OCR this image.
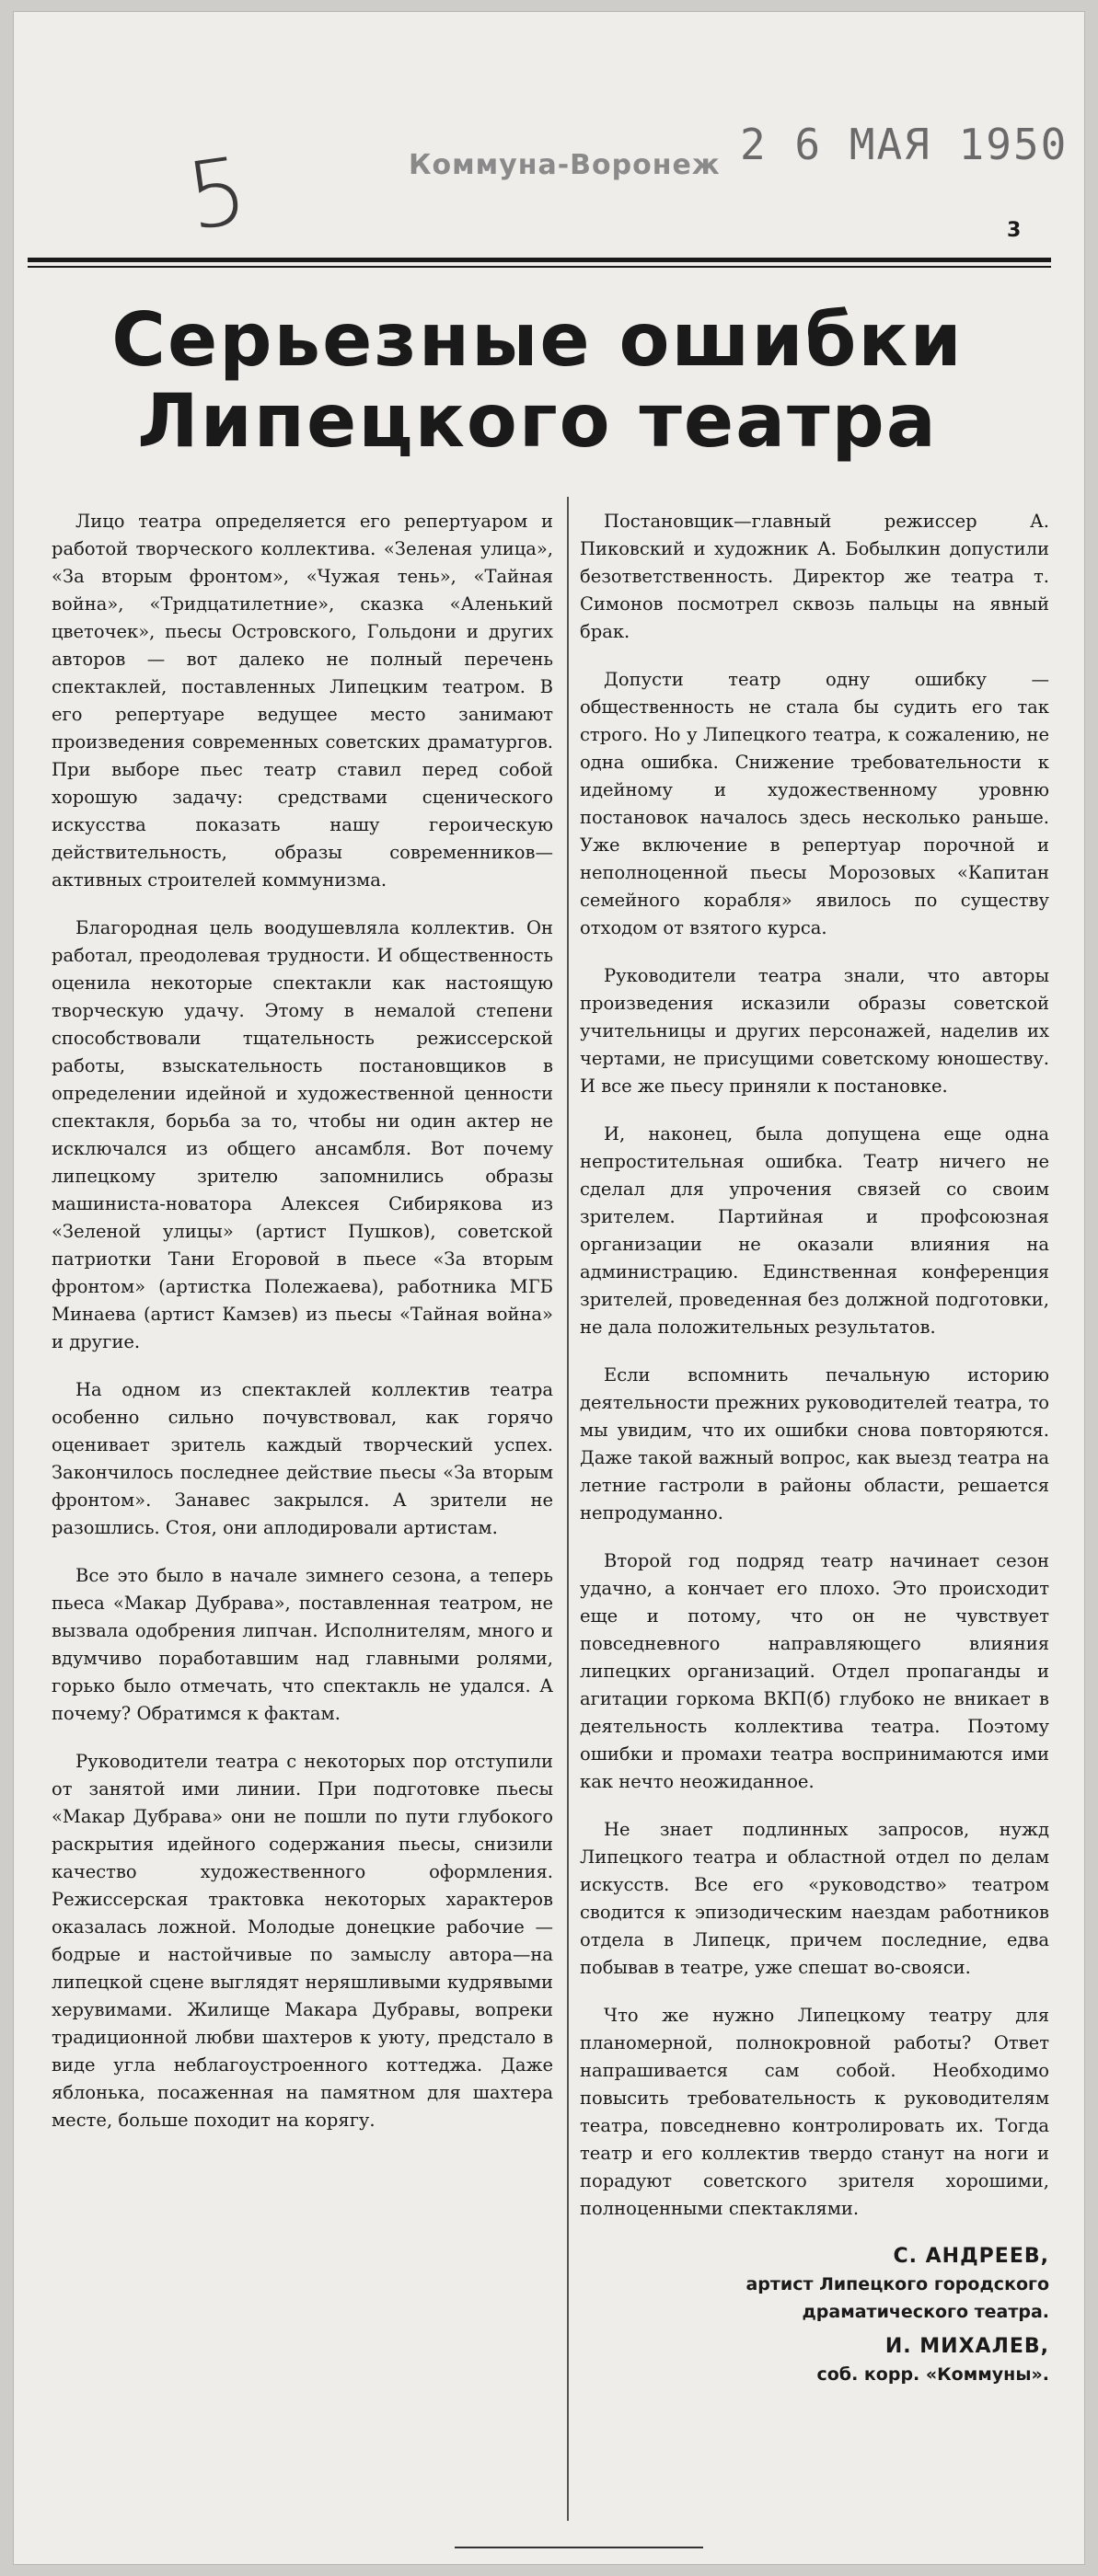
5	Коммуна-Воронеж 2 6 МАЯ 1950
3
Серьезные ошибки
Липецкого театра

Лицо театра определяется его репертуаром и работой творческого коллектива. «Зеленая улица», «За вторым фронтом», «Чужая тень», «Тайная война», «Тридцатилетние», сказка «Аленький цветочек», пьесы Островского, Гольдони и других авторов — вот далеко не полный перечень спектаклей, поставленных Липецким театром. В его репертуаре ведущее место занимают произведения современных советских драматургов. При выборе пьес театр ставил перед собой хорошую задачу: средствами сценического искусства показать нашу героическую действительность, образы современников—активных строителей коммунизма.

Благородная цель воодушевляла коллектив. Он работал, преодолевая трудности. И общественность оценила некоторые спектакли как настоящую творческую удачу. Этому в немалой степени способствовали тщательность режиссерской работы, взыскательность постановщиков в определении идейной и художественной ценности спектакля, борьба за то, чтобы ни один актер не исключался из общего ансамбля. Вот почему липецкому зрителю запомнились образы машиниста-новатора Алексея Сибирякова из «Зеленой улицы» (артист Пушков), советской патриотки Тани Егоровой в пьесе «За вторым фронтом» (артистка Полежаева), работника МГБ Минаева (артист Камзев) из пьесы «Тайная война» и другие.

На одном из спектаклей коллектив театра особенно сильно почувствовал, как горячо оценивает зритель каждый творческий успех. Закончилось последнее действие пьесы «За вторым фронтом». Занавес закрылся. А зрители не разошлись. Стоя, они аплодировали артистам.

Все это было в начале зимнего сезона, а теперь пьеса «Макар Дубрава», поставленная театром, не вызвала одобрения липчан. Исполнителям, много и вдумчиво поработавшим над главными ролями, горько было отмечать, что спектакль не удался. А почему? Обратимся к фактам.

Руководители театра с некоторых пор отступили от занятой ими линии. При подготовке пьесы «Макар Дубрава» они не пошли по пути глубокого раскрытия идейного содержания пьесы, снизили качество художественного оформления. Режиссерская трактовка некоторых характеров оказалась ложной. Молодые донецкие рабочие — бодрые и настойчивые по замыслу автора—на липецкой сцене выглядят неряшливыми кудрявыми херувимами. Жилище Макара Дубравы, вопреки традиционной любви шахтеров к уюту, предстало в виде угла неблагоустроенного коттеджа. Даже яблонька, посаженная на памятном для шахтера месте, больше походит на корягу.

Постановщик—главный режиссер А. Пиковский и художник А. Бобылкин допустили безответственность. Директор же театра т. Симонов посмотрел сквозь пальцы на явный брак.

Допусти театр одну ошибку — общественность не стала бы судить его так строго. Но у Липецкого театра, к сожалению, не одна ошибка. Снижение требовательности к идейному и художественному уровню постановок началось здесь несколько раньше. Уже включение в репертуар порочной и неполноценной пьесы Морозовых «Капитан семейного корабля» явилось по существу отходом от взятого курса.

Руководители театра знали, что авторы произведения исказили образы советской учительницы и других персонажей, наделив их чертами, не присущими советскому юношеству. И все же пьесу приняли к постановке.

И, наконец, была допущена еще одна непростительная ошибка. Театр ничего не сделал для упрочения связей со своим зрителем. Партийная и профсоюзная организации не оказали влияния на администрацию. Единственная конференция зрителей, проведенная без должной подготовки, не дала положительных результатов.

Если вспомнить печальную историю деятельности прежних руководителей театра, то мы увидим, что их ошибки снова повторяются. Даже такой важный вопрос, как выезд театра на летние гастроли в районы области, решается непродуманно.

Второй год подряд театр начинает сезон удачно, а кончает его плохо. Это происходит еще и потому, что он не чувствует повседневного направляющего влияния липецких организаций. Отдел пропаганды и агитации горкома ВКП(б) глубоко не вникает в деятельность коллектива театра. Поэтому ошибки и промахи театра воспринимаются ими как нечто неожиданное.

Не знает подлинных запросов, нужд Липецкого театра и областной отдел по делам искусств. Все его «руководство» театром сводится к эпизодическим наездам работников отдела в Липецк, причем последние, едва побывав в театре, уже спешат во-свояси.

Что же нужно Липецкому театру для планомерной, полнокровной работы? Ответ напрашивается сам собой. Необходимо повысить требовательность к руководителям театра, повседневно контролировать их. Тогда театр и его коллектив твердо станут на ноги и порадуют советского зрителя хорошими, полноценными спектаклями.

С. АНДРЕЕВ,
артист Липецкого городского
драматического театра.
И. МИХАЛЕВ,
соб. корр. «Коммуны».
